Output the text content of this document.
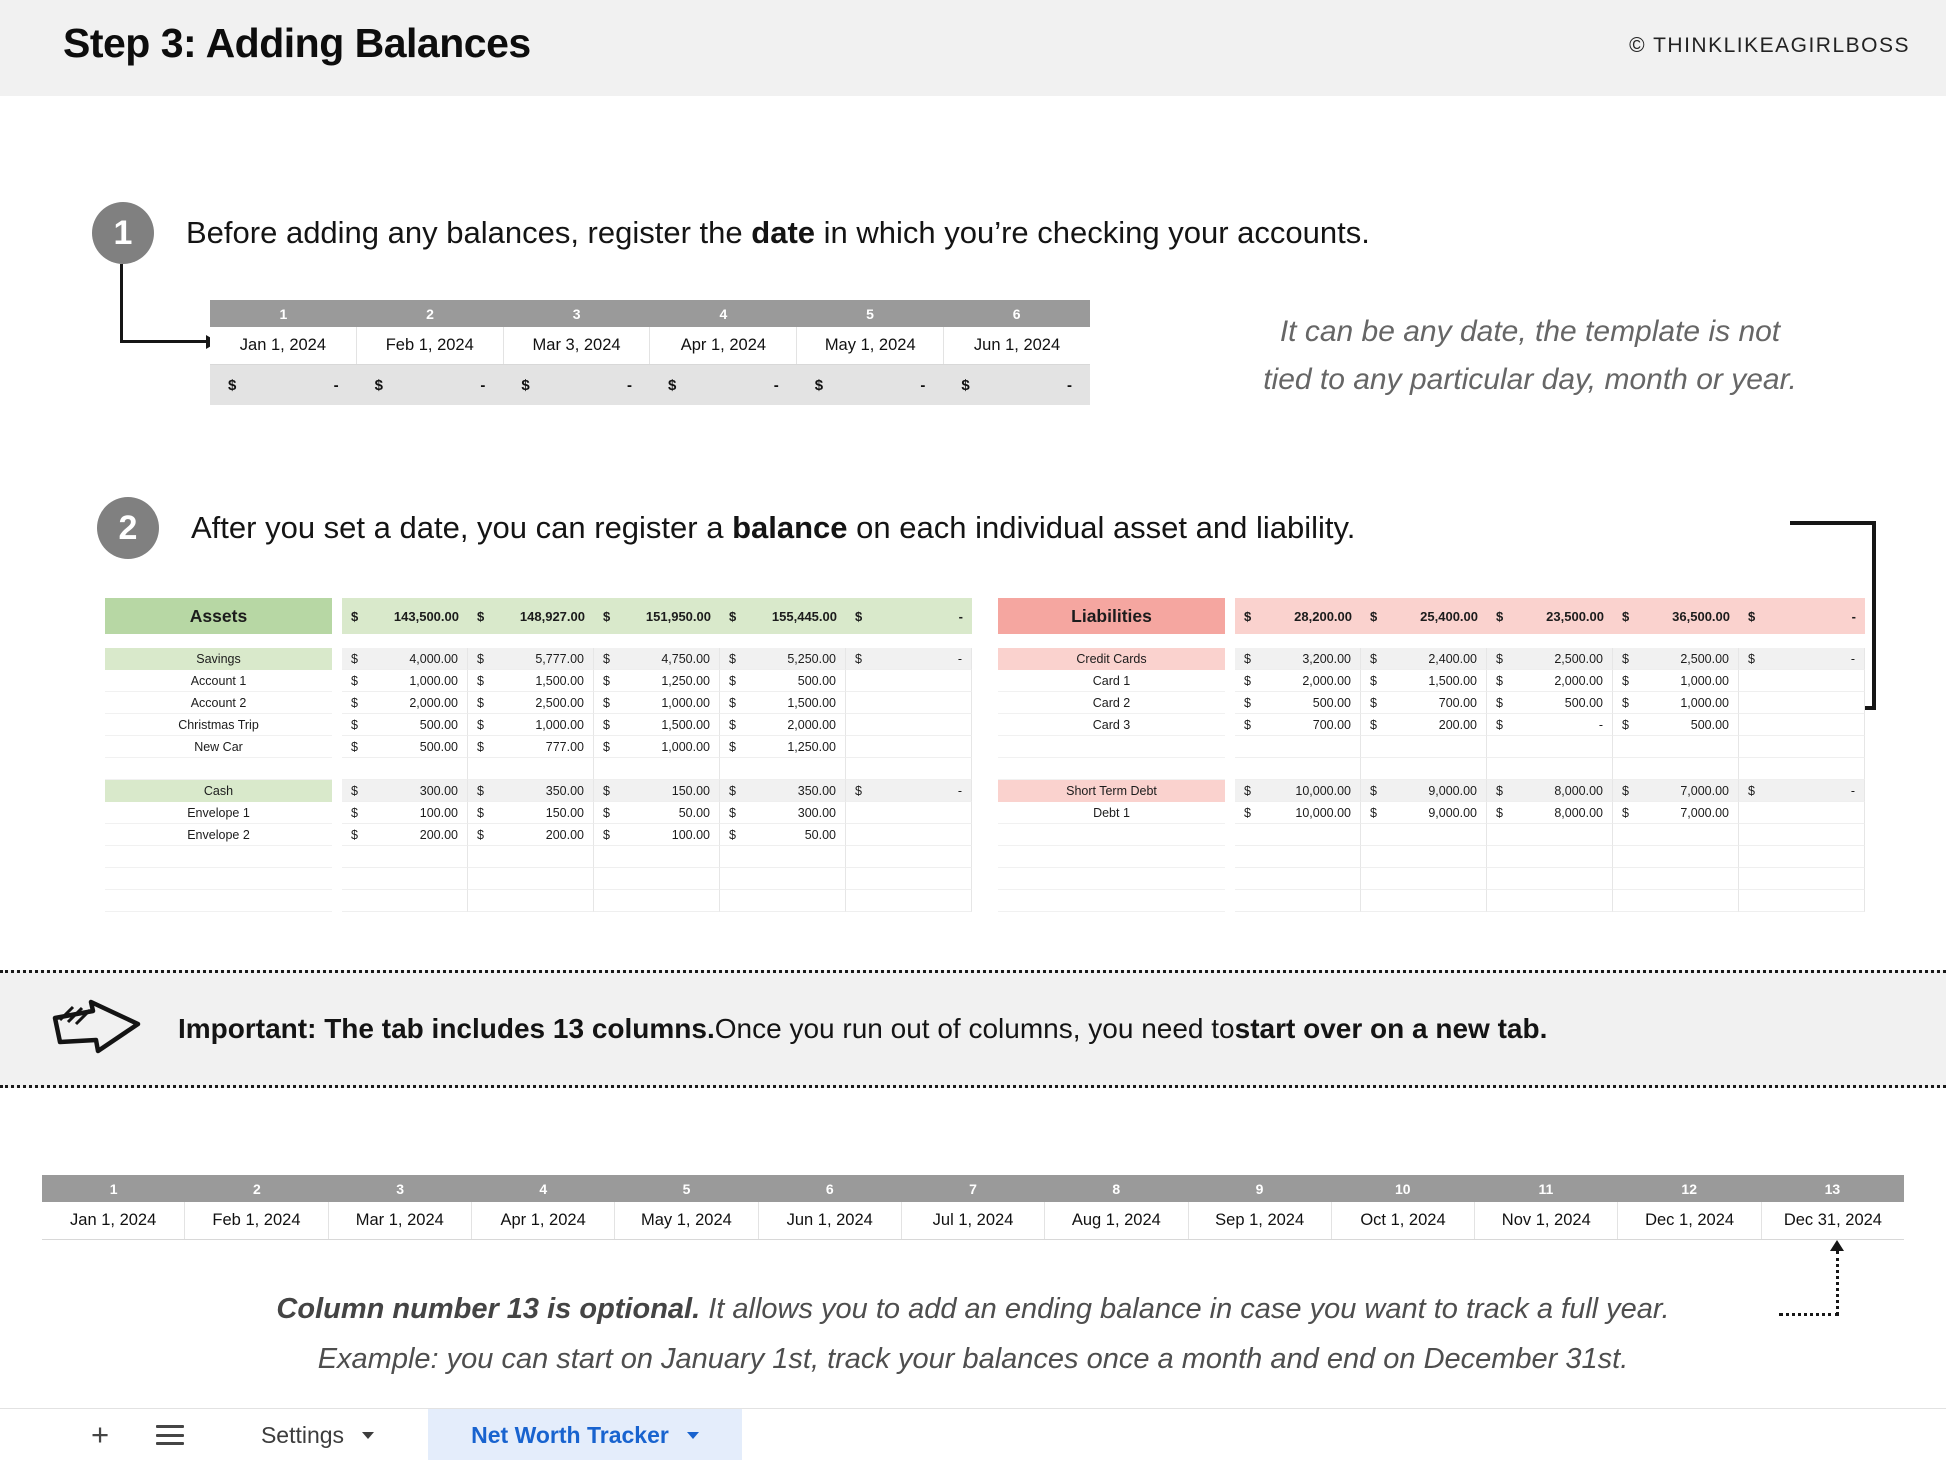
Step 3: Adding Balances	© THINKLIKEAGIRLBOSS
1	Before adding any balances, register the date in which you’re checking your accounts.
1	2	3	4	5	6
Jan 1, 2024	Feb 1, 2024	Mar 3, 2024	Apr 1, 2024	May 1, 2024	Jun 1, 2024
$	- $	- $	- $	- $	- $	-
It can be any date, the template is not
tied to any particular day, month or year.
2	After you set a date, you can register a balance on each individual asset and liability.
Assets	$	143,500.00 $	148,927.00 $	151,950.00 $	155,445.00 $	-
Savings	$	4,000.00 $	5,777.00 $	4,750.00 $	5,250.00 $	-
Account 1	$	1,000.00 $	1,500.00 $	1,250.00 $	500.00
Account 2	$	2,000.00 $	2,500.00 $	1,000.00 $	1,500.00
Christmas Trip	$	500.00 $	1,000.00 $	1,500.00 $	2,000.00
New Car	$	500.00 $	777.00 $	1,000.00 $	1,250.00
Cash	$	300.00 $	350.00 $	150.00 $	350.00 $	-
Envelope 1	$	100.00 $	150.00 $	50.00 $	300.00
Envelope 2	$	200.00 $	200.00 $	100.00 $	50.00
Liabilities	$	28,200.00 $	25,400.00 $	23,500.00 $	36,500.00 $	-
Credit Cards	$	3,200.00 $	2,400.00 $	2,500.00 $	2,500.00 $	-
Card 1	$	2,000.00 $	1,500.00 $	2,000.00 $	1,000.00
Card 2	$	500.00 $	700.00 $	500.00 $	1,000.00
Card 3	$	700.00 $	200.00 $	- $	500.00
Short Term Debt	$	10,000.00 $	9,000.00 $	8,000.00 $	7,000.00 $	-
Debt 1	$	10,000.00 $	9,000.00 $	8,000.00 $	7,000.00
Important: The tab includes 13 columns. Once you run out of columns, you need to start over on a new tab.
1	2	3	4	5	6	7	8	9	10	11	12	13
Jan 1, 2024	Feb 1, 2024	Mar 1, 2024	Apr 1, 2024	May 1, 2024	Jun 1, 2024	Jul 1, 2024	Aug 1, 2024	Sep 1, 2024	Oct 1, 2024	Nov 1, 2024	Dec 1, 2024	Dec 31, 2024
Column number 13 is optional. It allows you to add an ending balance in case you want to track a full year.
Example: you can start on January 1st, track your balances once a month and end on December 31st.
+	Settings	Net Worth Tracker
